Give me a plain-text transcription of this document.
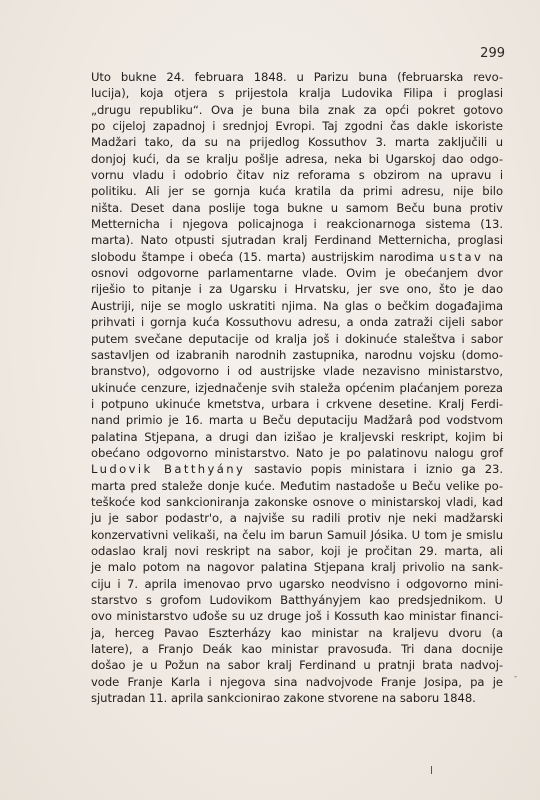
299
Uto bukne 24. februara 1848. u Parizu buna (februarska revo-
lucija), koja otjera s prijestola kralja Ludovika Filipa i proglasi
„drugu republiku“. Ova je buna bila znak za opći pokret gotovo
po cijeloj zapadnoj i srednjoj Evropi. Taj zgodni čas dakle iskoriste
Madžari tako, da su na prijedlog Kossuthov 3. marta zaključili u
donjoj kući, da se kralju pošlje adresa, neka bi Ugarskoj dao odgo-
vornu vladu i odobrio čitav niz reforama s obzirom na upravu i
politiku. Ali jer se gornja kuća kratila da primi adresu, nije bilo
ništa. Deset dana poslije toga bukne u samom Beču buna protiv
Metternicha i njegova policajnoga i reakcionarnoga sistema (13.
marta). Nato otpusti sjutradan kralj Ferdinand Metternicha, proglasi
slobodu štampe i obeća (15. marta) austrijskim narodima ustav na
osnovi odgovorne parlamentarne vlade. Ovim je obećanjem dvor
riješio to pitanje i za Ugarsku i Hrvatsku, jer sve ono, što je dao
Austriji, nije se moglo uskratiti njima. Na glas o bečkim događajima
prihvati i gornja kuća Kossuthovu adresu, a onda zatraži cijeli sabor
putem svečane deputacije od kralja još i dokinuće staleštva i sabor
sastavljen od izabranih narodnih zastupnika, narodnu vojsku (domo-
branstvo), odgovorno i od austrijske vlade nezavisno ministarstvo,
ukinuće cenzure, izjednačenje svih staleža općenim plaćanjem poreza
i potpuno ukinuće kmetstva, urbara i crkvene desetine. Kralj Ferdi-
nand primio je 16. marta u Beču deputaciju Madžarâ pod vodstvom
palatina Stjepana, a drugi dan izišao je kraljevski reskript, kojim bi
obećano odgovorno ministarstvo. Nato je po palatinovu nalogu grof
Ludovik Batthyány sastavio popis ministara i iznio ga 23.
marta pred staleže donje kuće. Međutim nastadoše u Beču velike po-
teškoće kod sankcioniranja zakonske osnove o ministarskoj vladi, kad
ju je sabor podastr'o, a najviše su radili protiv nje neki madžarski
konzervativni velikaši, na čelu im barun Samuil Jósika. U tom je smislu
odaslao kralj novi reskript na sabor, koji je pročitan 29. marta, ali
je malo potom na nagovor palatina Stjepana kralj privolio na sank-
ciju i 7. aprila imenovao prvo ugarsko neodvisno i odgovorno mini-
starstvo s grofom Ludovikom Batthyányjem kao predsjednikom. U
ovo ministarstvo uđoše su uz druge još i Kossuth kao ministar financi-
ja, herceg Pavao Eszterházy kao ministar na kraljevu dvoru (a
latere), a Franjo Deák kao ministar pravosuđa. Tri dana docnije
došao je u Požun na sabor kralj Ferdinand u pratnji brata nadvoj-
vode Franje Karla i njegova sina nadvojvode Franje Josipa, pa je
sjutradan 11. aprila sankcionirao zakone stvorene na saboru 1848.
-
